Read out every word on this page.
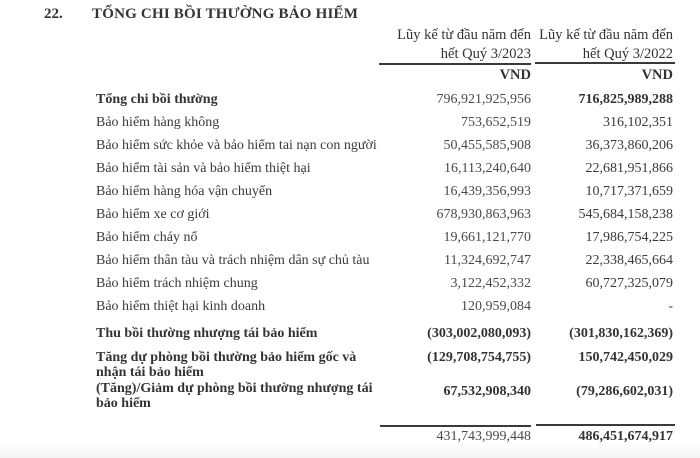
22. TỔNG CHI BỒI THƯỜNG BẢO HIỂM
Lũy kế từ đầu năm đến
hết Quý 3/2023
Lũy kế từ đầu năm đến
hết Quý 3/2022
VND	VND
Tổng chi bồi thường	796,921,925,956	716,825,989,288
Bảo hiểm hàng không	753,652,519	316,102,351
Bảo hiểm sức khỏe và bảo hiểm tai nạn con người	50,455,585,908	36,373,860,206
Bảo hiểm tài sản và bảo hiểm thiệt hại	16,113,240,640	22,681,951,866
Bảo hiểm hàng hóa vận chuyển	16,439,356,993	10,717,371,659
Bảo hiểm xe cơ giới	678,930,863,963	545,684,158,238
Bảo hiểm cháy nổ	19,661,121,770	17,986,754,225
Bảo hiểm thân tàu và trách nhiệm dân sự chủ tàu	11,324,692,747	22,338,465,664
Bảo hiểm trách nhiệm chung	3,122,452,332	60,727,325,079
Bảo hiểm thiệt hại kinh doanh	120,959,084	-
Thu bồi thường nhượng tái bảo hiểm	(303,002,080,093)	(301,830,162,369)
Tăng dự phòng bồi thường bảo hiểm gốc và nhận tái bảo hiểm
(129,708,754,755)	150,742,450,029
(Tăng)/Giảm dự phòng bồi thường nhượng tái bảo hiểm
67,532,908,340	(79,286,602,031)
431,743,999,448	486,451,674,917
